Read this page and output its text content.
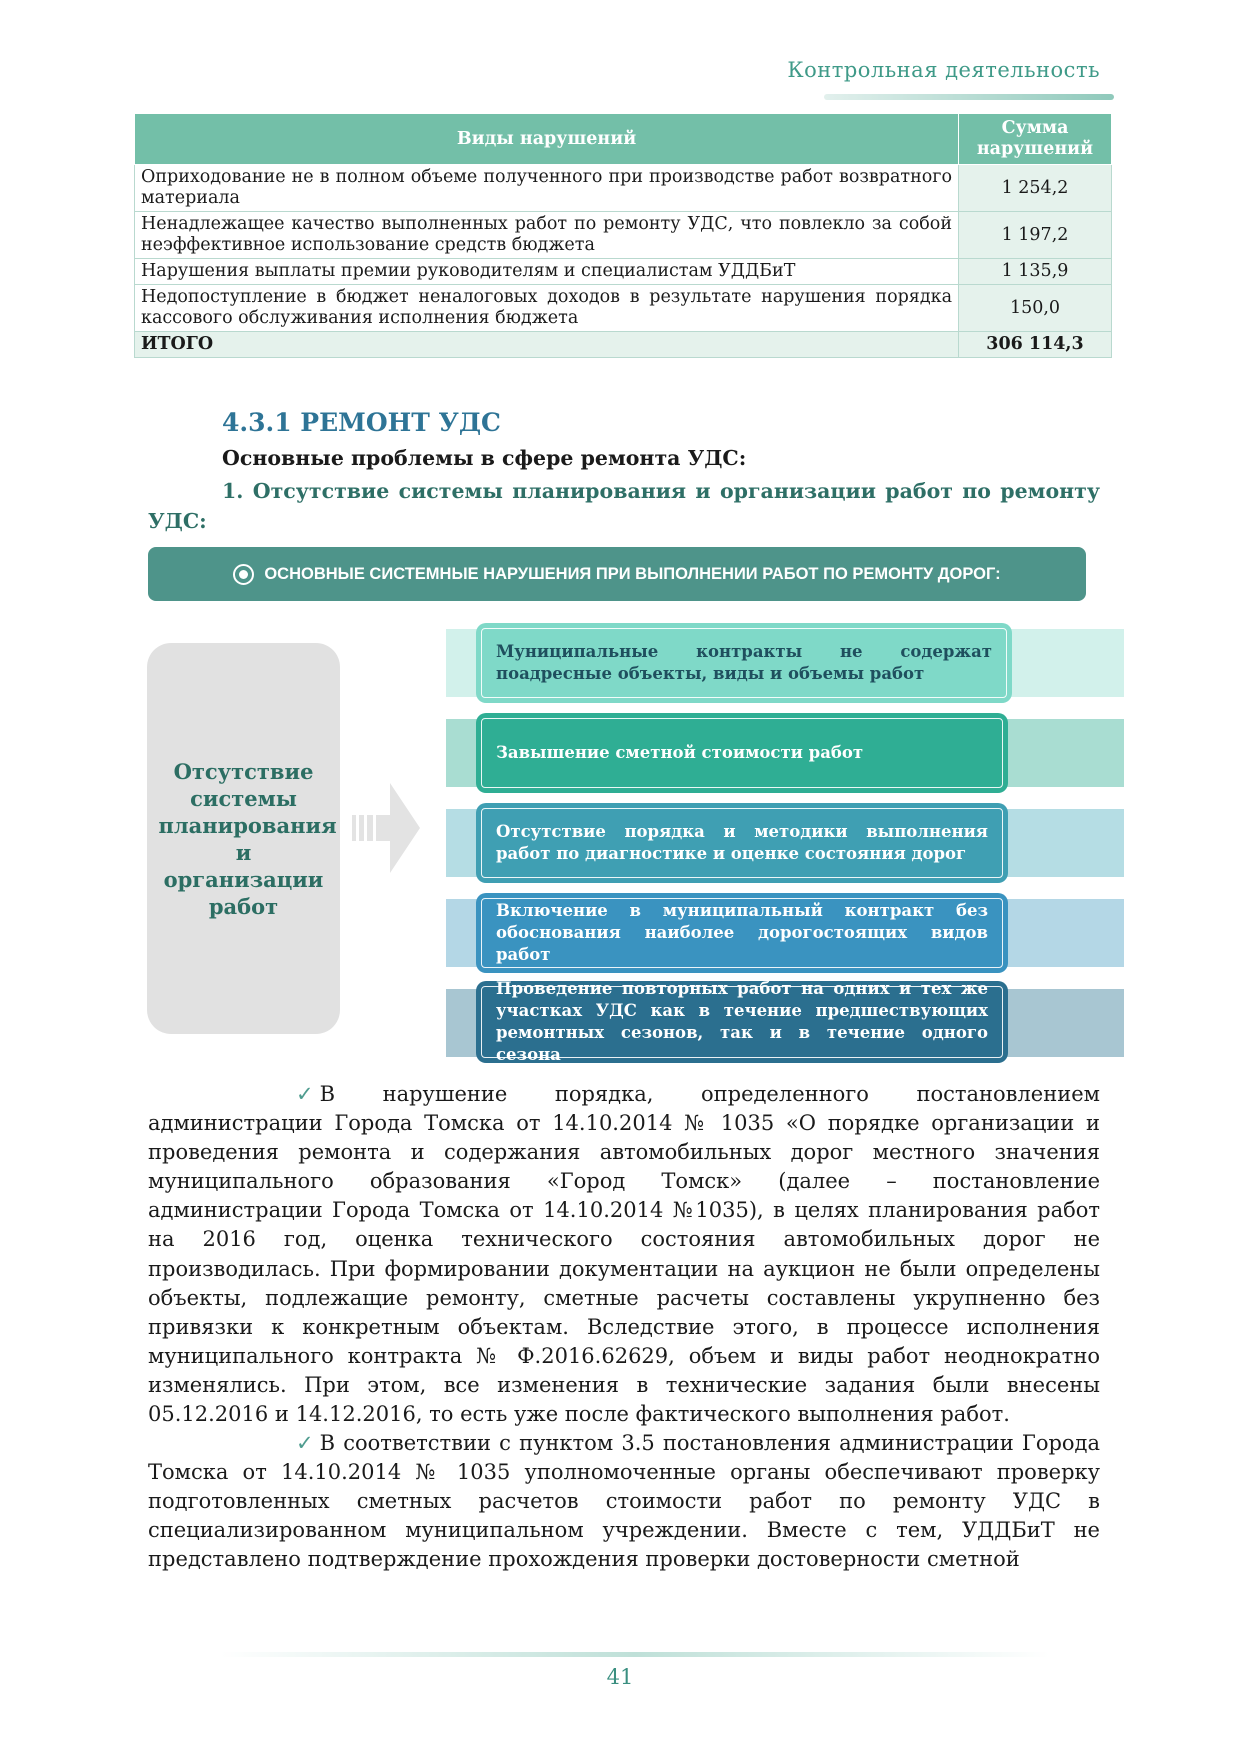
Контрольная деятельность
Виды нарушений	Сумма нарушений
Оприходование не в полном объеме полученного при производстве работ возвратного материала	1 254,2
Ненадлежащее качество выполненных работ по ремонту УДС, что повлекло за собой неэффективное использование средств бюджета	1 197,2
Нарушения выплаты премии руководителям и специалистам УДДБиТ	1 135,9
Недопоступление в бюджет неналоговых доходов в результате нарушения порядка кассового обслуживания исполнения бюджета	150,0
ИТОГО	306 114,3
4.3.1 РЕМОНТ УДС
Основные проблемы в сфере ремонта УДС:
1. Отсутствие системы планирования и организации работ по ремонту УДС:
ОСНОВНЫЕ СИСТЕМНЫЕ НАРУШЕНИЯ ПРИ ВЫПОЛНЕНИИ РАБОТ ПО РЕМОНТУ ДОРОГ:
Отсутствие системы планирования и организации работ
Муниципальные контракты не содержат поадресные объекты, виды и объемы работ
Завышение сметной стоимости работ
Отсутствие порядка и методики выполнения работ по диагностике и оценке состояния дорог
Включение в муниципальный контракт без обоснования наиболее дорогостоящих видов работ
Проведение повторных работ на одних и тех же участках УДС как в течение предшествующих ремонтных сезонов, так и в течение одного сезона
✓ В нарушение порядка, определенного постановлением администрации Города Томска от 14.10.2014 № 1035 «О порядке организации и проведения ремонта и содержания автомобильных дорог местного значения муниципального образования «Город Томск» (далее – постановление администрации Города Томска от 14.10.2014 №1035), в целях планирования работ на 2016 год, оценка технического состояния автомобильных дорог не производилась. При формировании документации на аукцион не были определены объекты, подлежащие ремонту, сметные расчеты составлены укрупненно без привязки к конкретным объектам. Вследствие этого, в процессе исполнения муниципального контракта № Ф.2016.62629, объем и виды работ неоднократно изменялись. При этом, все изменения в технические задания были внесены 05.12.2016 и 14.12.2016, то есть уже после фактического выполнения работ.
✓ В соответствии с пунктом 3.5 постановления администрации Города Томска от 14.10.2014 № 1035 уполномоченные органы обеспечивают проверку подготовленных сметных расчетов стоимости работ по ремонту УДС в специализированном муниципальном учреждении. Вместе с тем, УДДБиТ не представлено подтверждение прохождения проверки достоверности сметной
41
